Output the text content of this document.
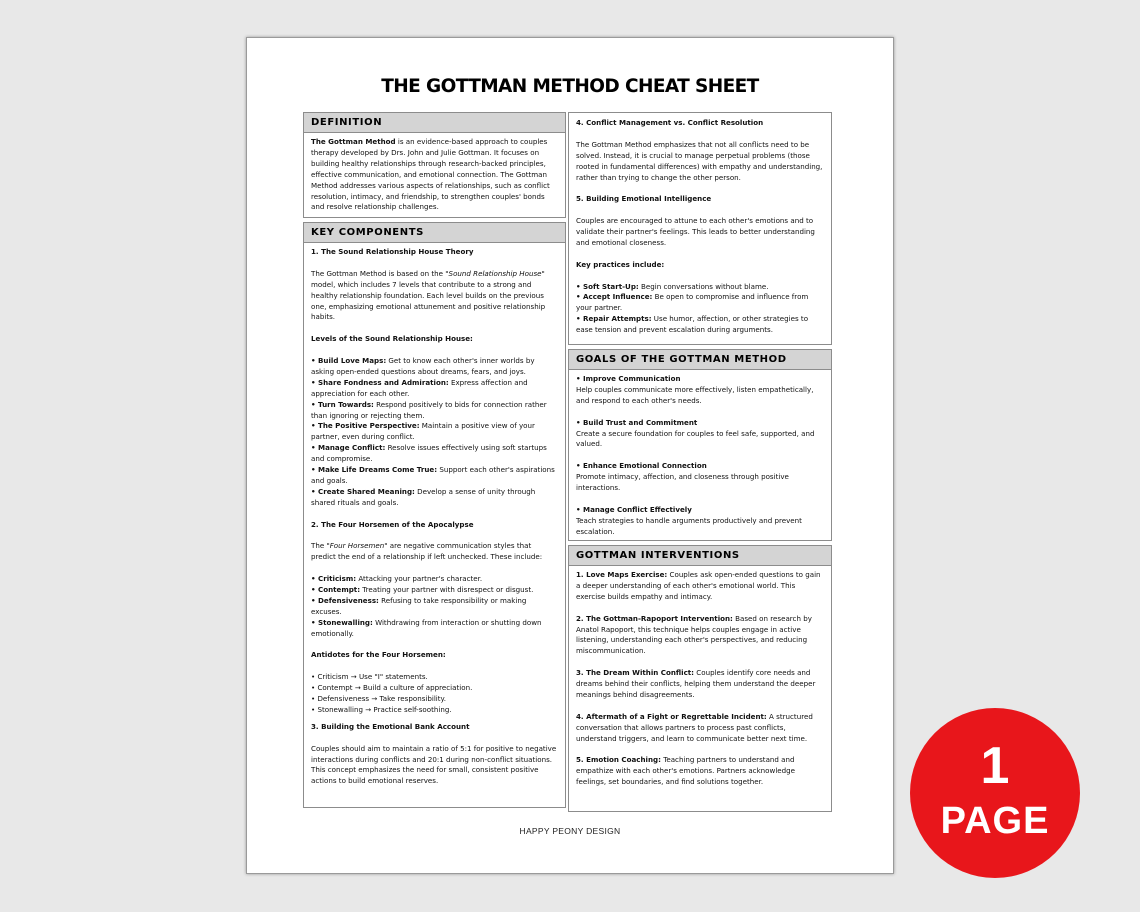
THE GOTTMAN METHOD CHEAT SHEET
DEFINITION

The Gottman Method is an evidence-based approach to couples therapy developed by Drs. John and Julie Gottman. It focuses on building healthy relationships through research-backed principles, effective communication, and emotional connection. The Gottman Method addresses various aspects of relationships, such as conflict resolution, intimacy, and friendship, to strengthen couples' bonds and resolve relationship challenges.

KEY COMPONENTS

1. The Sound Relationship House Theory

The Gottman Method is based on the "Sound Relationship House" model, which includes 7 levels that contribute to a strong and healthy relationship foundation. Each level builds on the previous one, emphasizing emotional attunement and positive relationship habits.

Levels of the Sound Relationship House:

• Build Love Maps: Get to know each other's inner worlds by asking open-ended questions about dreams, fears, and joys.

• Share Fondness and Admiration: Express affection and appreciation for each other.

• Turn Towards: Respond positively to bids for connection rather than ignoring or rejecting them.

• The Positive Perspective: Maintain a positive view of your partner, even during conflict.

• Manage Conflict: Resolve issues effectively using soft startups and compromise.

• Make Life Dreams Come True: Support each other's aspirations and goals.

• Create Shared Meaning: Develop a sense of unity through shared rituals and goals.

2. The Four Horsemen of the Apocalypse

The "Four Horsemen" are negative communication styles that predict the end of a relationship if left unchecked. These include:

• Criticism: Attacking your partner's character.

• Contempt: Treating your partner with disrespect or disgust.

• Defensiveness: Refusing to take responsibility or making excuses.

• Stonewalling: Withdrawing from interaction or shutting down emotionally.

Antidotes for the Four Horsemen:

• Criticism → Use "I" statements.

• Contempt → Build a culture of appreciation.

• Defensiveness → Take responsibility.

• Stonewalling → Practice self-soothing.

3. Building the Emotional Bank Account

Couples should aim to maintain a ratio of 5:1 for positive to negative interactions during conflicts and 20:1 during non-conflict situations. This concept emphasizes the need for small, consistent positive actions to build emotional reserves.

4. Conflict Management vs. Conflict Resolution

The Gottman Method emphasizes that not all conflicts need to be solved. Instead, it is crucial to manage perpetual problems (those rooted in fundamental differences) with empathy and understanding, rather than trying to change the other person.

5. Building Emotional Intelligence

Couples are encouraged to attune to each other's emotions and to validate their partner's feelings. This leads to better understanding and emotional closeness.

Key practices include:

• Soft Start-Up: Begin conversations without blame.

• Accept Influence: Be open to compromise and influence from your partner.

• Repair Attempts: Use humor, affection, or other strategies to ease tension and prevent escalation during arguments.

GOALS OF THE GOTTMAN METHOD

• Improve Communication

Help couples communicate more effectively, listen empathetically, and respond to each other's needs.

• Build Trust and Commitment

Create a secure foundation for couples to feel safe, supported, and valued.

• Enhance Emotional Connection

Promote intimacy, affection, and closeness through positive interactions.

• Manage Conflict Effectively

Teach strategies to handle arguments productively and prevent escalation.

GOTTMAN INTERVENTIONS

1. Love Maps Exercise: Couples ask open-ended questions to gain a deeper understanding of each other's emotional world. This exercise builds empathy and intimacy.

2. The Gottman-Rapoport Intervention: Based on research by Anatol Rapoport, this technique helps couples engage in active listening, understanding each other's perspectives, and reducing miscommunication.

3. The Dream Within Conflict: Couples identify core needs and dreams behind their conflicts, helping them understand the deeper meanings behind disagreements.

4. Aftermath of a Fight or Regrettable Incident: A structured conversation that allows partners to process past conflicts, understand triggers, and learn to communicate better next time.

5. Emotion Coaching: Teaching partners to understand and empathize with each other's emotions. Partners acknowledge feelings, set boundaries, and find solutions together.

HAPPY PEONY DESIGN
1
PAGE
